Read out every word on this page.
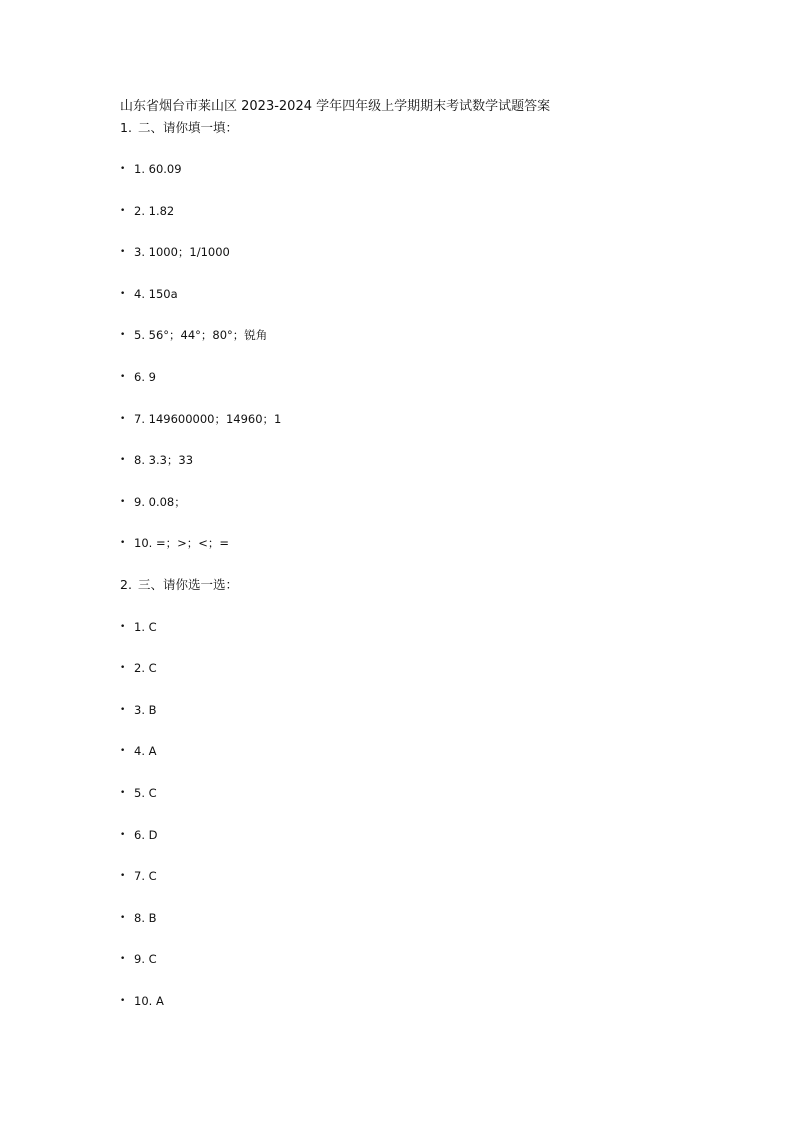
山东省烟台市莱山区 2023-2024 学年四年级上学期期末考试数学试题答案
1. 二、请你填一填：
• 1. 60.09
• 2. 1.82
• 3. 1000；1/1000
• 4. 150a
• 5. 56°；44°；80°；锐角
• 6. 9
• 7. 149600000；14960；1
• 8. 3.3；33
• 9. 0.08；
• 10. =；>；<；=
2. 三、请你选一选：
• 1. C
• 2. C
• 3. B
• 4. A
• 5. C
• 6. D
• 7. C
• 8. B
• 9. C
• 10. A
